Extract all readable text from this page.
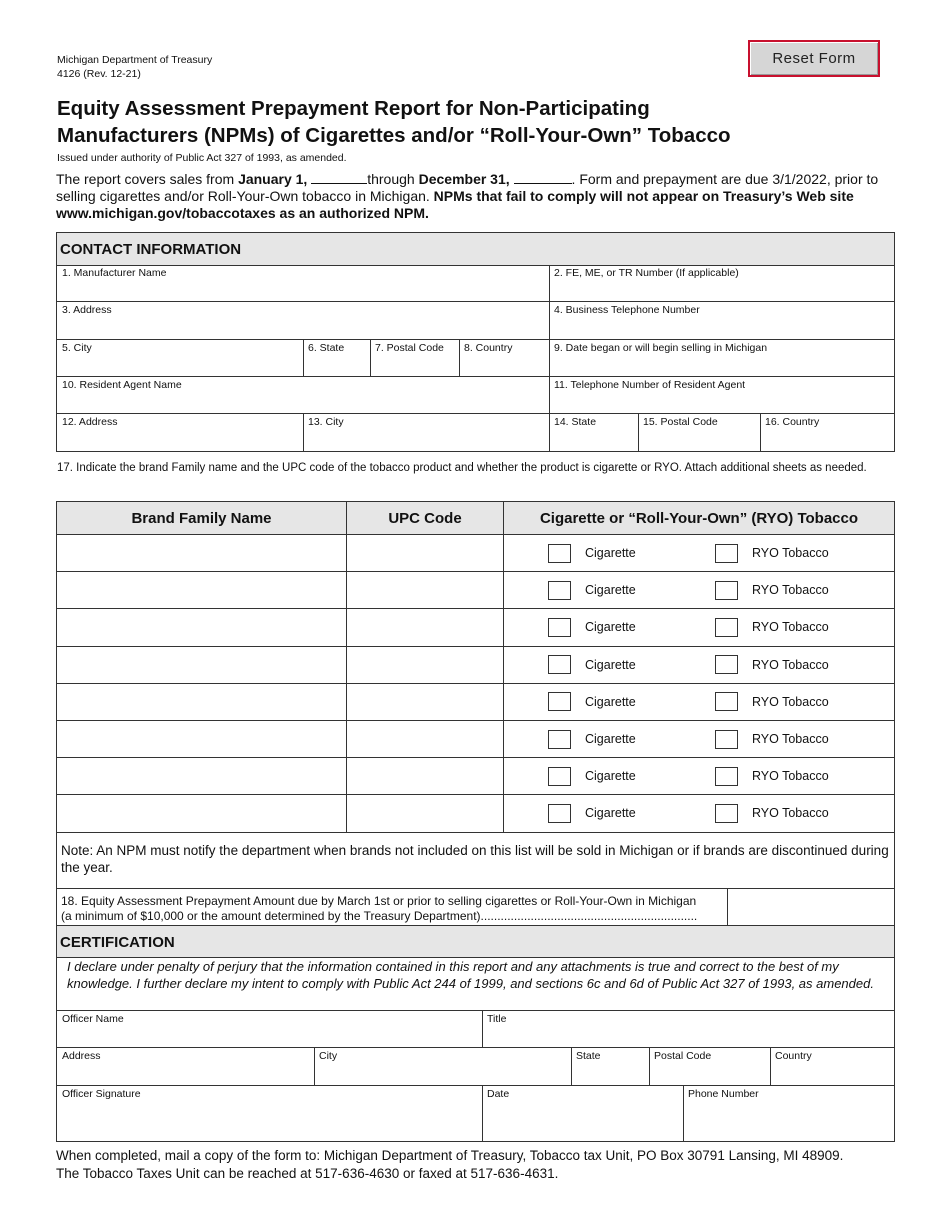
Michigan Department of Treasury
4126 (Rev. 12-21)
Reset Form
Equity Assessment Prepayment Report for Non-Participating
Manufacturers (NPMs) of Cigarettes and/or “Roll-Your-Own” Tobacco
Issued under authority of Public Act 327 of 1993, as amended.
The report covers sales from January 1,	through December 31,	. Form and prepayment are due 3/1/2022, prior to selling cigarettes and/or Roll-Your-Own tobacco in Michigan. NPMs that fail to comply will not appear on Treasury’s Web site www.michigan.gov/tobaccotaxes as an authorized NPM.
CONTACT INFORMATION
1. Manufacturer Name	2. FE, ME, or TR Number (If applicable)
3. Address	4. Business Telephone Number
5. City	6. State	7. Postal Code	8. Country	9. Date began or will begin selling in Michigan
10. Resident Agent Name	11. Telephone Number of Resident Agent
12. Address	13. City	14. State	15. Postal Code	16. Country
17. Indicate the brand Family name and the UPC code of the tobacco product and whether the product is cigarette or RYO. Attach additional sheets as needed.
Brand Family Name	UPC Code	Cigarette or “Roll-Your-Own” (RYO) Tobacco

		Cigarette RYO Tobacco

		Cigarette RYO Tobacco

		Cigarette RYO Tobacco

		Cigarette RYO Tobacco

		Cigarette RYO Tobacco

		Cigarette RYO Tobacco

		Cigarette RYO Tobacco

		Cigarette RYO Tobacco
Note: An NPM must notify the department when brands not included on this list will be sold in Michigan or if brands are discontinued during the year.
18. Equity Assessment Prepayment Amount due by March 1st or prior to selling cigarettes or Roll-Your-Own in Michigan
(a minimum of $10,000 or the amount determined by the Treasury Department).................................................................
CERTIFICATION
I declare under penalty of perjury that the information contained in this report and any attachments is true and correct to the best of my knowledge. I further declare my intent to comply with Public Act 244 of 1999, and sections 6c and 6d of Public Act 327 of 1993, as amended.
Officer Name	Title
Address	City	State	Postal Code	Country
Officer Signature	Date	Phone Number
When completed, mail a copy of the form to: Michigan Department of Treasury, Tobacco tax Unit, PO Box 30791 Lansing, MI 48909.
The Tobacco Taxes Unit can be reached at 517-636-4630 or faxed at 517-636-4631.
